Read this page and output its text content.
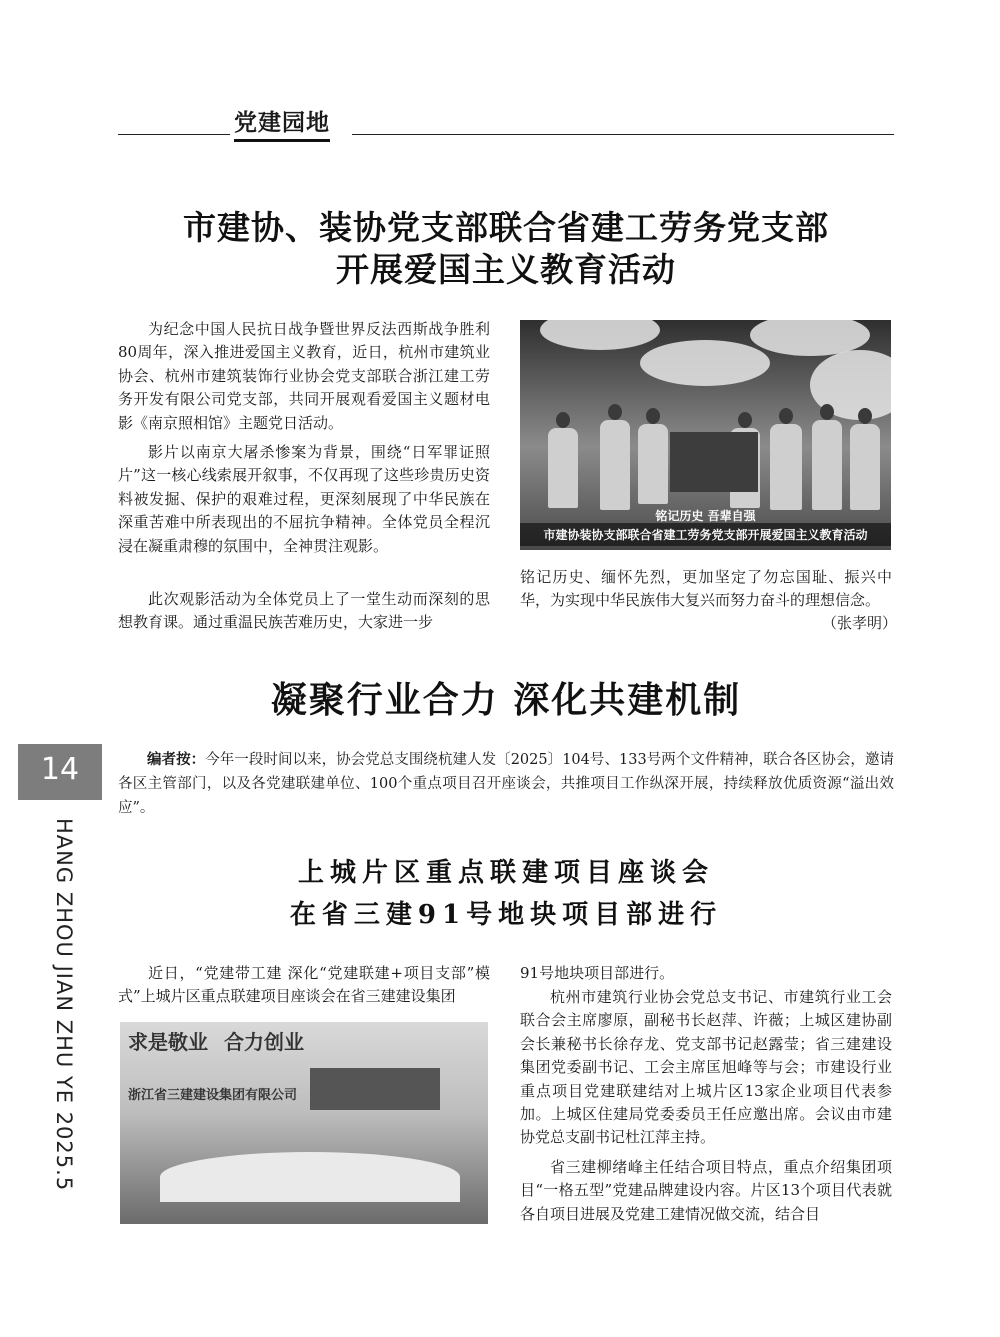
党建园地
市建协、装协党支部联合省建工劳务党支部
开展爱国主义教育活动

为纪念中国人民抗日战争暨世界反法西斯战争胜利80周年，深入推进爱国主义教育，近日，杭州市建筑业协会、杭州市建筑装饰行业协会党支部联合浙江建工劳务开发有限公司党支部，共同开展观看爱国主义题材电影《南京照相馆》主题党日活动。

影片以南京大屠杀惨案为背景，围绕“日军罪证照片”这一核心线索展开叙事，不仅再现了这些珍贵历史资料被发掘、保护的艰难过程，更深刻展现了中华民族在深重苦难中所表现出的不屈抗争精神。全体党员全程沉浸在凝重肃穆的氛围中，全神贯注观影。

此次观影活动为全体党员上了一堂生动而深刻的思想教育课。通过重温民族苦难历史，大家进一步

铭记历史 吾辈自强
市建协装协支部联合省建工劳务党支部开展爱国主义教育活动

铭记历史、缅怀先烈，更加坚定了勿忘国耻、振兴中华，为实现中华民族伟大复兴而努力奋斗的理想信念。

（张孝明）
凝聚行业合力 深化共建机制
14
HANG ZHOU JIAN ZHU YE 2025.5

编者按：今年一段时间以来，协会党总支围绕杭建人发〔2025〕104号、133号两个文件精神，联合各区协会，邀请各区主管部门，以及各党建联建单位、100个重点项目召开座谈会，共推项目工作纵深开展，持续释放优质资源“溢出效应”。

上城片区重点联建项目座谈会
在省三建91号地块项目部进行

近日，“党建带工建 深化“党建联建+项目支部”模式”上城片区重点联建项目座谈会在省三建建设集团

求是敬业 合力创业
浙江省三建建设集团有限公司

91号地块项目部进行。

杭州市建筑行业协会党总支书记、市建筑行业工会联合会主席廖原，副秘书长赵萍、许薇；上城区建协副会长兼秘书长徐存龙、党支部书记赵露莹；省三建建设集团党委副书记、工会主席匡旭峰等与会；市建设行业重点项目党建联建结对上城片区13家企业项目代表参加。上城区住建局党委委员王任应邀出席。会议由市建协党总支副书记杜江萍主持。

省三建柳绪峰主任结合项目特点，重点介绍集团项目“一格五型”党建品牌建设内容。片区13个项目代表就各自项目进展及党建工建情况做交流，结合目
